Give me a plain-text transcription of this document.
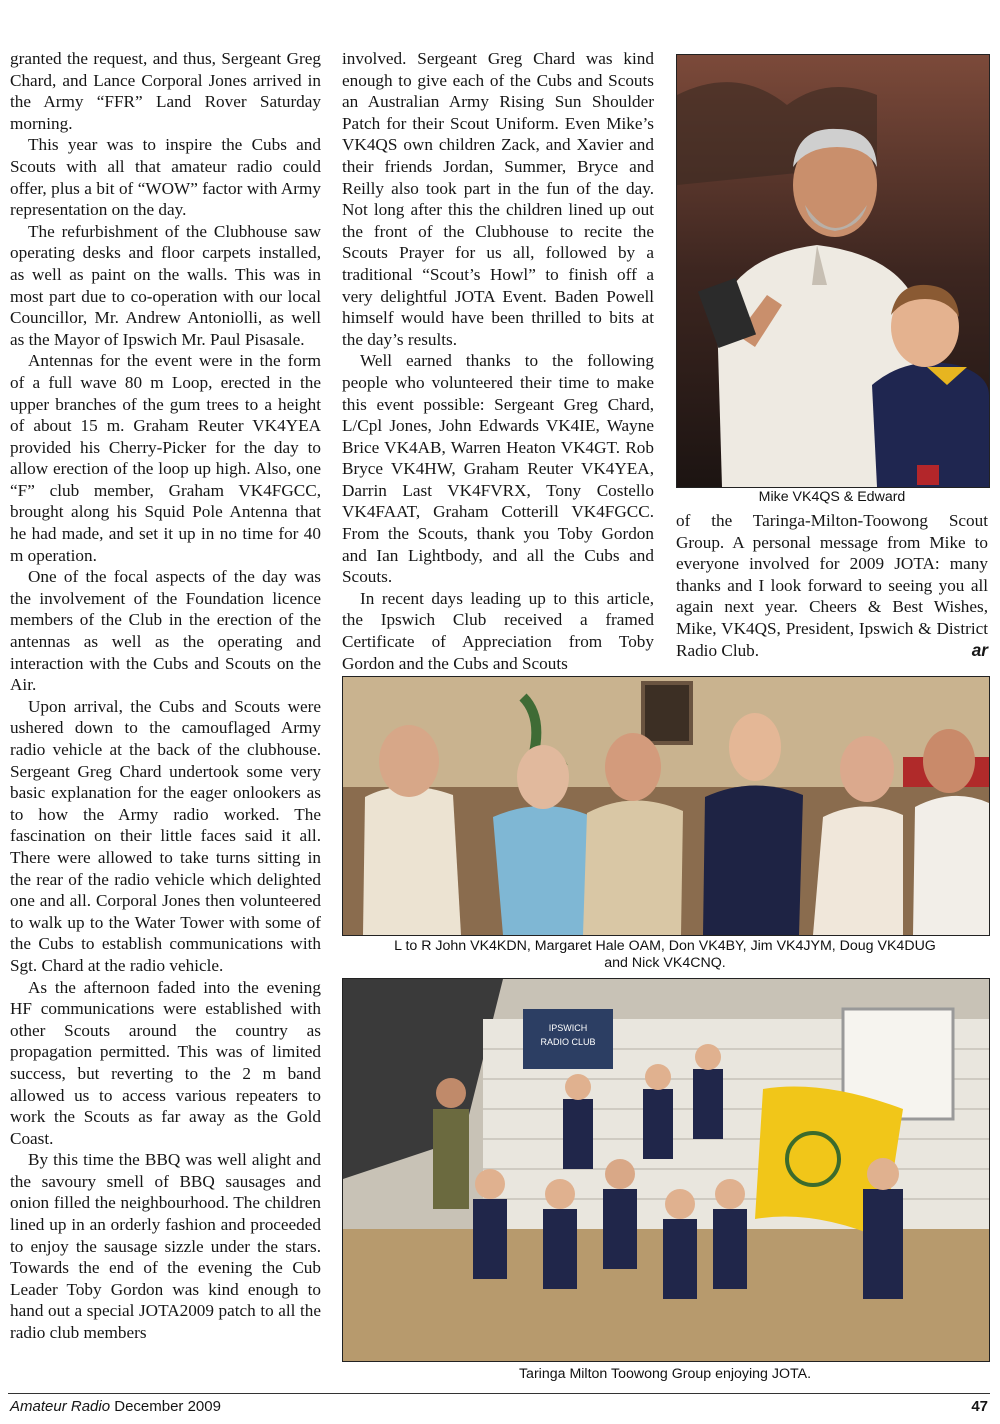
granted the request, and thus, Sergeant Greg Chard, and Lance Corporal Jones arrived in the Army “FFR” Land Rover Saturday morning.

This year was to inspire the Cubs and Scouts with all that amateur radio could offer, plus a bit of “WOW” factor with Army representation on the day.

The refurbishment of the Clubhouse saw operating desks and floor carpets installed, as well as paint on the walls. This was in most part due to co-operation with our local Councillor, Mr. Andrew Antoniolli, as well as the Mayor of Ipswich Mr. Paul Pisasale.

Antennas for the event were in the form of a full wave 80 m Loop, erected in the upper branches of the gum trees to a height of about 15 m. Graham Reuter VK4YEA provided his Cherry-Picker for the day to allow erection of the loop up high. Also, one “F” club member, Graham VK4FGCC, brought along his Squid Pole Antenna that he had made, and set it up in no time for 40 m operation.

One of the focal aspects of the day was the involvement of the Foundation licence members of the Club in the erection of the antennas as well as the operating and interaction with the Cubs and Scouts on the Air.

Upon arrival, the Cubs and Scouts were ushered down to the camouflaged Army radio vehicle at the back of the clubhouse. Sergeant Greg Chard undertook some very basic explanation for the eager onlookers as to how the Army radio worked. The fascination on their little faces said it all. There were allowed to take turns sitting in the rear of the radio vehicle which delighted one and all. Corporal Jones then volunteered to walk up to the Water Tower with some of the Cubs to establish communications with Sgt. Chard at the radio vehicle.

As the afternoon faded into the evening HF communications were established with other Scouts around the country as propagation permitted. This was of limited success, but reverting to the 2 m band allowed us to access various repeaters to work the Scouts as far away as the Gold Coast.

By this time the BBQ was well alight and the savoury smell of BBQ sausages and onion filled the neighbourhood. The children lined up in an orderly fashion and proceeded to enjoy the sausage sizzle under the stars. Towards the end of the evening the Cub Leader Toby Gordon was kind enough to hand out a special JOTA2009 patch to all the radio club members

involved. Sergeant Greg Chard was kind enough to give each of the Cubs and Scouts an Australian Army Rising Sun Shoulder Patch for their Scout Uniform. Even Mike’s VK4QS own children Zack, and Xavier and their friends Jordan, Summer, Bryce and Reilly also took part in the fun of the day. Not long after this the children lined up out the front of the Clubhouse to recite the Scouts Prayer for us all, followed by a traditional “Scout’s Howl” to finish off a very delightful JOTA Event. Baden Powell himself would have been thrilled to bits at the day’s results.

Well earned thanks to the following people who volunteered their time to make this event possible: Sergeant Greg Chard, L/Cpl Jones, John Edwards VK4IE, Wayne Brice VK4AB, Warren Heaton VK4GT. Rob Bryce VK4HW, Graham Reuter VK4YEA, Darrin Last VK4FVRX, Tony Costello VK4FAAT, Graham Cotterill VK4FGCC. From the Scouts, thank you Toby Gordon and Ian Lightbody, and all the Cubs and Scouts.

In recent days leading up to this article, the Ipswich Club received a framed Certificate of Appreciation from Toby Gordon and the Cubs and Scouts

Mike VK4QS & Edward

of the Taringa-Milton-Toowong Scout Group. A personal message from Mike to everyone involved for 2009 JOTA: many thanks and I look forward to seeing you all again next year. Cheers & Best Wishes, Mike, VK4QS, President, Ipswich & District Radio Club.	ar

L to R John VK4KDN, Margaret Hale OAM, Don VK4BY, Jim VK4JYM, Doug VK4DUG
and Nick VK4CNQ.
IPSWICH
RADIO CLUB
Taringa Milton Toowong Group enjoying JOTA.
Amateur Radio December 2009	47
